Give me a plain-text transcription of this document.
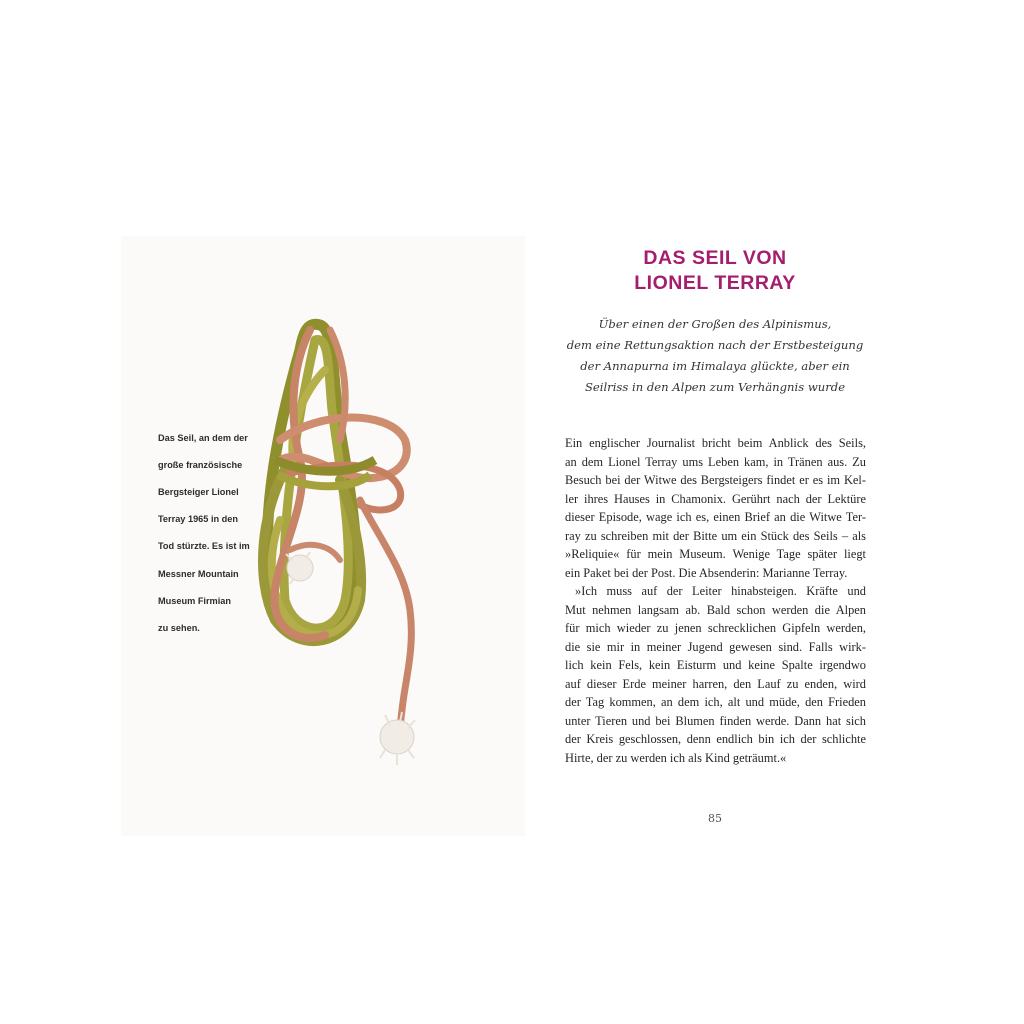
Das Seil, an dem der

große französische

Bergsteiger Lionel

Terray 1965 in den

Tod stürzte. Es ist im

Messner Mountain

Museum Firmian

zu sehen.

DAS SEIL VON
LIONEL TERRAY
Über einen der Großen des Alpinismus,
dem eine Rettungsaktion nach der Erstbesteigung
der Annapurna im Himalaya glückte, aber ein
Seilriss in den Alpen zum Verhängnis wurde
Ein englischer Journalist bricht beim Anblick des Seils,
an dem Lionel Terray ums Leben kam, in Tränen aus. Zu
Besuch bei der Witwe des Bergsteigers findet er es im Kel-
ler ihres Hauses in Chamonix. Gerührt nach der Lektüre
dieser Episode, wage ich es, einen Brief an die Witwe Ter-
ray zu schreiben mit der Bitte um ein Stück des Seils – als
»Reliquie« für mein Museum. Wenige Tage später liegt
ein Paket bei der Post. Die Absenderin: Marianne Terray.
»Ich muss auf der Leiter hinabsteigen. Kräfte und
Mut nehmen langsam ab. Bald schon werden die Alpen
für mich wieder zu jenen schrecklichen Gipfeln werden,
die sie mir in meiner Jugend gewesen sind. Falls wirk-
lich kein Fels, kein Eisturm und keine Spalte irgendwo
auf dieser Erde meiner harren, den Lauf zu enden, wird
der Tag kommen, an dem ich, alt und müde, den Frieden
unter Tieren und bei Blumen finden werde. Dann hat sich
der Kreis geschlossen, denn endlich bin ich der schlichte
Hirte, der zu werden ich als Kind geträumt.«
85
